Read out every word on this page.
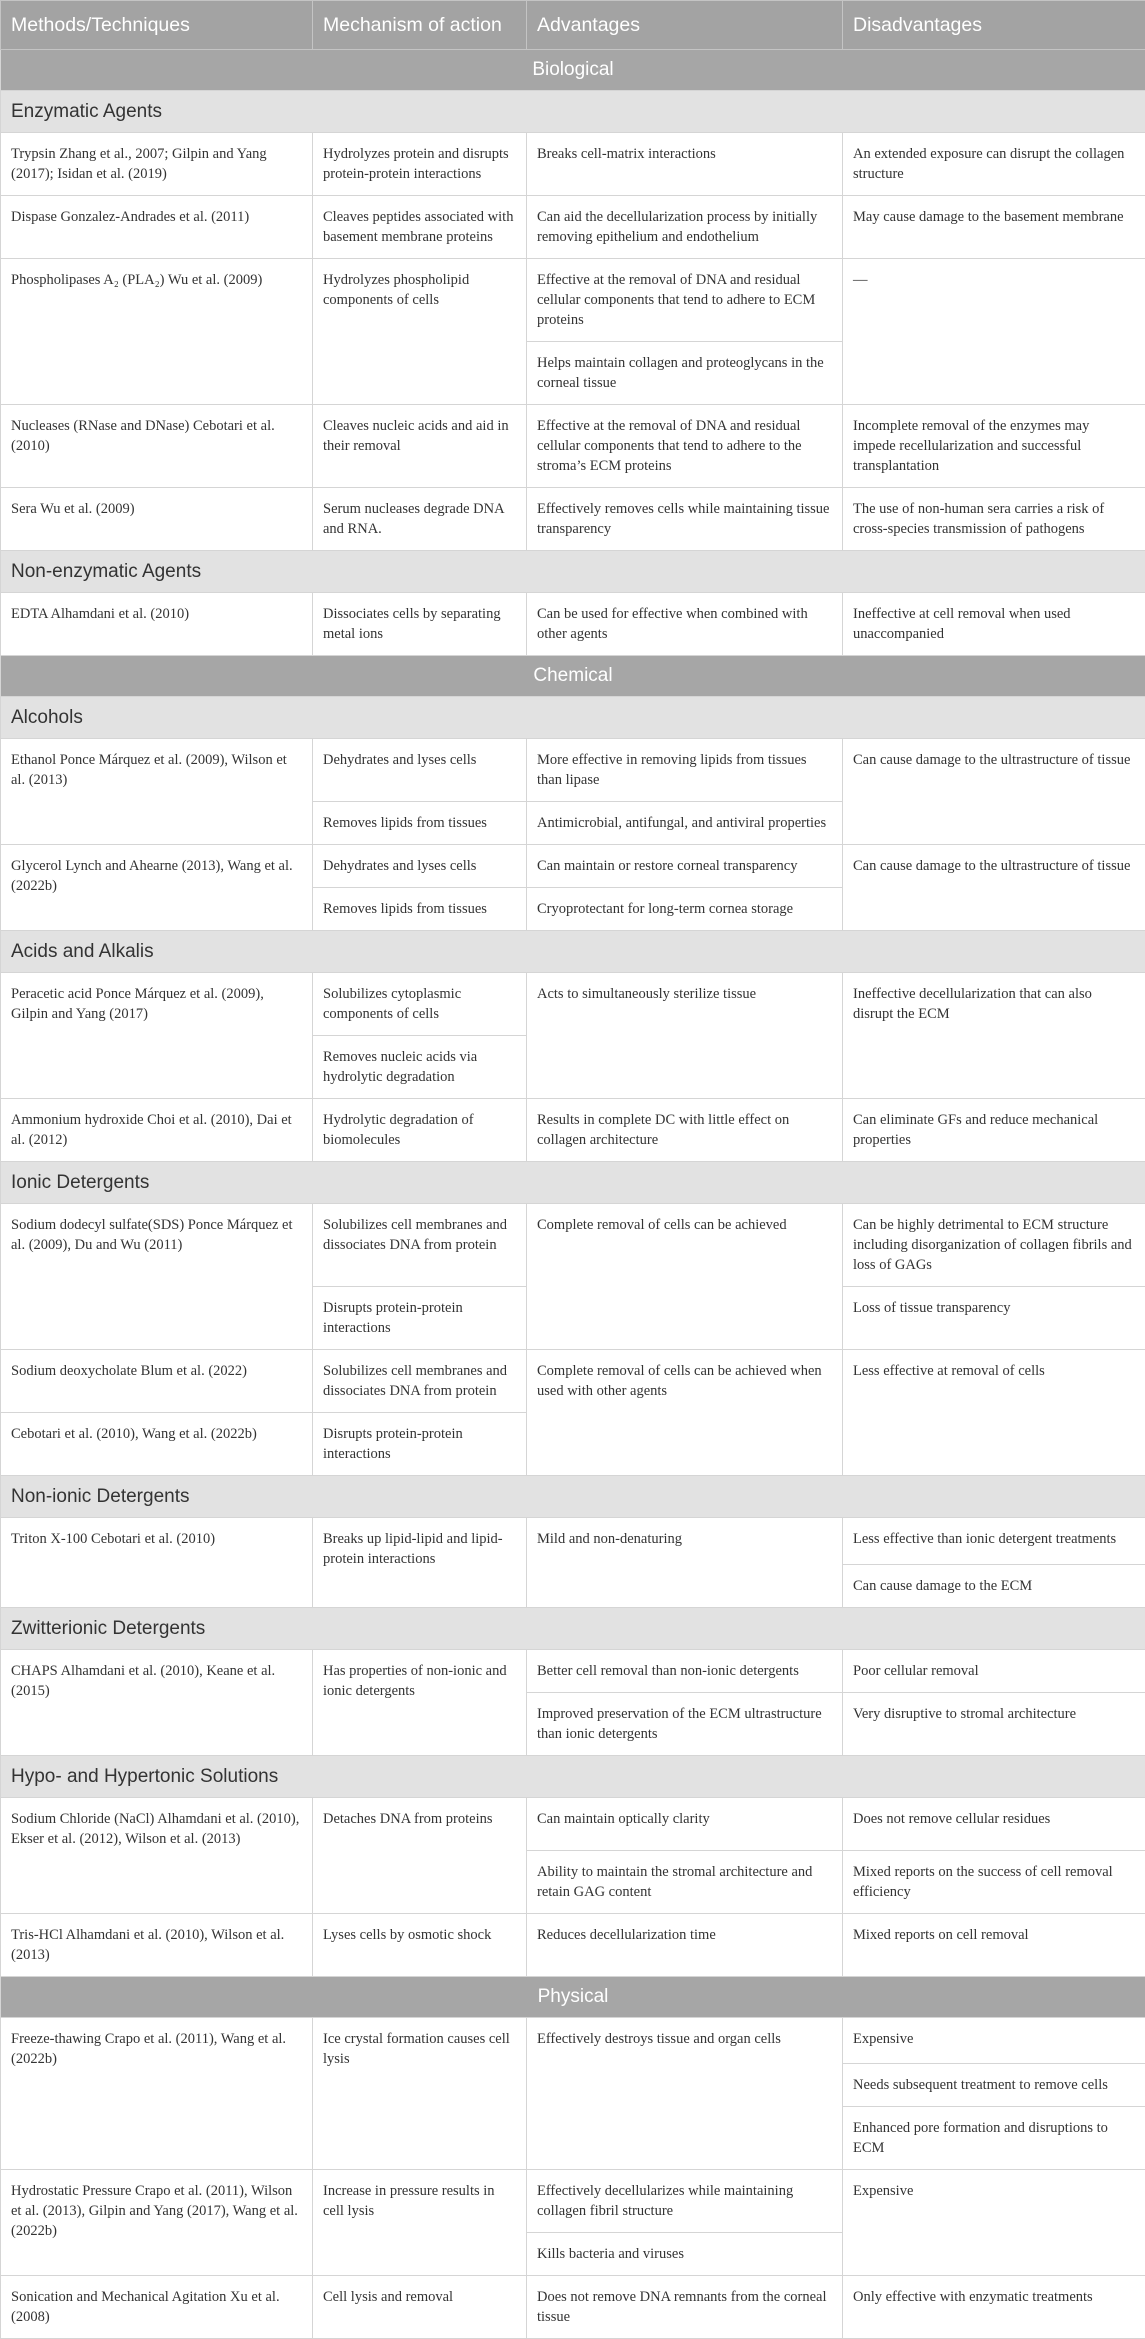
Methods/Techniques	Mechanism of action	Advantages	Disadvantages

Biological			

Enzymatic Agents			

Trypsin Zhang et al., 2007; Gilpin and Yang (2017); Isidan et al. (2019)	Hydrolyzes protein and disrupts protein-protein interactions	Breaks cell-matrix interactions	An extended exposure can disrupt the collagen structure

Dispase Gonzalez-Andrades et al. (2011)	Cleaves peptides associated with basement membrane proteins	Can aid the decellularization process by initially removing epithelium and endothelium	May cause damage to the basement membrane

Phospholipases A₂ (PLA₂) Wu et al. (2009)	Hydrolyzes phospholipid components of cells	Effective at the removal of DNA and residual cellular components that tend to adhere to ECM proteins	—

		Helps maintain collagen and proteoglycans in the corneal tissue	

Nucleases (RNase and DNase) Cebotari et al. (2010)	Cleaves nucleic acids and aid in their removal	Effective at the removal of DNA and residual cellular components that tend to adhere to the stroma’s ECM proteins	Incomplete removal of the enzymes may impede recellularization and successful transplantation

Sera Wu et al. (2009)	Serum nucleases degrade DNA and RNA.	Effectively removes cells while maintaining tissue transparency	The use of non-human sera carries a risk of cross-species transmission of pathogens

Non-enzymatic Agents			

EDTA Alhamdani et al. (2010)	Dissociates cells by separating metal ions	Can be used for effective when combined with other agents	Ineffective at cell removal when used unaccompanied

Chemical			

Alcohols			

Ethanol Ponce Márquez et al. (2009), Wilson et al. (2013)	Dehydrates and lyses cells	More effective in removing lipids from tissues than lipase	Can cause damage to the ultrastructure of tissue

	Removes lipids from tissues	Antimicrobial, antifungal, and antiviral properties	

Glycerol Lynch and Ahearne (2013), Wang et al. (2022b)	Dehydrates and lyses cells	Can maintain or restore corneal transparency	Can cause damage to the ultrastructure of tissue

	Removes lipids from tissues	Cryoprotectant for long-term cornea storage	

Acids and Alkalis			

Peracetic acid Ponce Márquez et al. (2009), Gilpin and Yang (2017)	Solubilizes cytoplasmic components of cells	Acts to simultaneously sterilize tissue	Ineffective decellularization that can also disrupt the ECM

	Removes nucleic acids via hydrolytic degradation		

Ammonium hydroxide Choi et al. (2010), Dai et al. (2012)	Hydrolytic degradation of biomolecules	Results in complete DC with little effect on collagen architecture	Can eliminate GFs and reduce mechanical properties

Ionic Detergents			

Sodium dodecyl sulfate(SDS) Ponce Márquez et al. (2009), Du and Wu (2011)	Solubilizes cell membranes and dissociates DNA from protein	Complete removal of cells can be achieved	Can be highly detrimental to ECM structure including disorganization of collagen fibrils and loss of GAGs

	Disrupts protein-protein interactions		Loss of tissue transparency

Sodium deoxycholate Blum et al. (2022)	Solubilizes cell membranes and dissociates DNA from protein	Complete removal of cells can be achieved when used with other agents	Less effective at removal of cells

Cebotari et al. (2010), Wang et al. (2022b)	Disrupts protein-protein interactions		

Non-ionic Detergents			

Triton X-100 Cebotari et al. (2010)	Breaks up lipid-lipid and lipid-protein interactions	Mild and non-denaturing	Less effective than ionic detergent treatments

			Can cause damage to the ECM

Zwitterionic Detergents			

CHAPS Alhamdani et al. (2010), Keane et al. (2015)	Has properties of non-ionic and ionic detergents	Better cell removal than non-ionic detergents	Poor cellular removal

		Improved preservation of the ECM ultrastructure than ionic detergents	Very disruptive to stromal architecture

Hypo- and Hypertonic Solutions			

Sodium Chloride (NaCl) Alhamdani et al. (2010), Ekser et al. (2012), Wilson et al. (2013)	Detaches DNA from proteins	Can maintain optically clarity	Does not remove cellular residues

		Ability to maintain the stromal architecture and retain GAG content	Mixed reports on the success of cell removal efficiency

Tris-HCl Alhamdani et al. (2010), Wilson et al. (2013)	Lyses cells by osmotic shock	Reduces decellularization time	Mixed reports on cell removal

Physical			

Freeze-thawing Crapo et al. (2011), Wang et al. (2022b)	Ice crystal formation causes cell lysis	Effectively destroys tissue and organ cells	Expensive

			Needs subsequent treatment to remove cells

			Enhanced pore formation and disruptions to ECM

Hydrostatic Pressure Crapo et al. (2011), Wilson et al. (2013), Gilpin and Yang (2017), Wang et al. (2022b)	Increase in pressure results in cell lysis	Effectively decellularizes while maintaining collagen fibril structure	Expensive

		Kills bacteria and viruses	

Sonication and Mechanical Agitation Xu et al. (2008)	Cell lysis and removal	Does not remove DNA remnants from the corneal tissue	Only effective with enzymatic treatments
